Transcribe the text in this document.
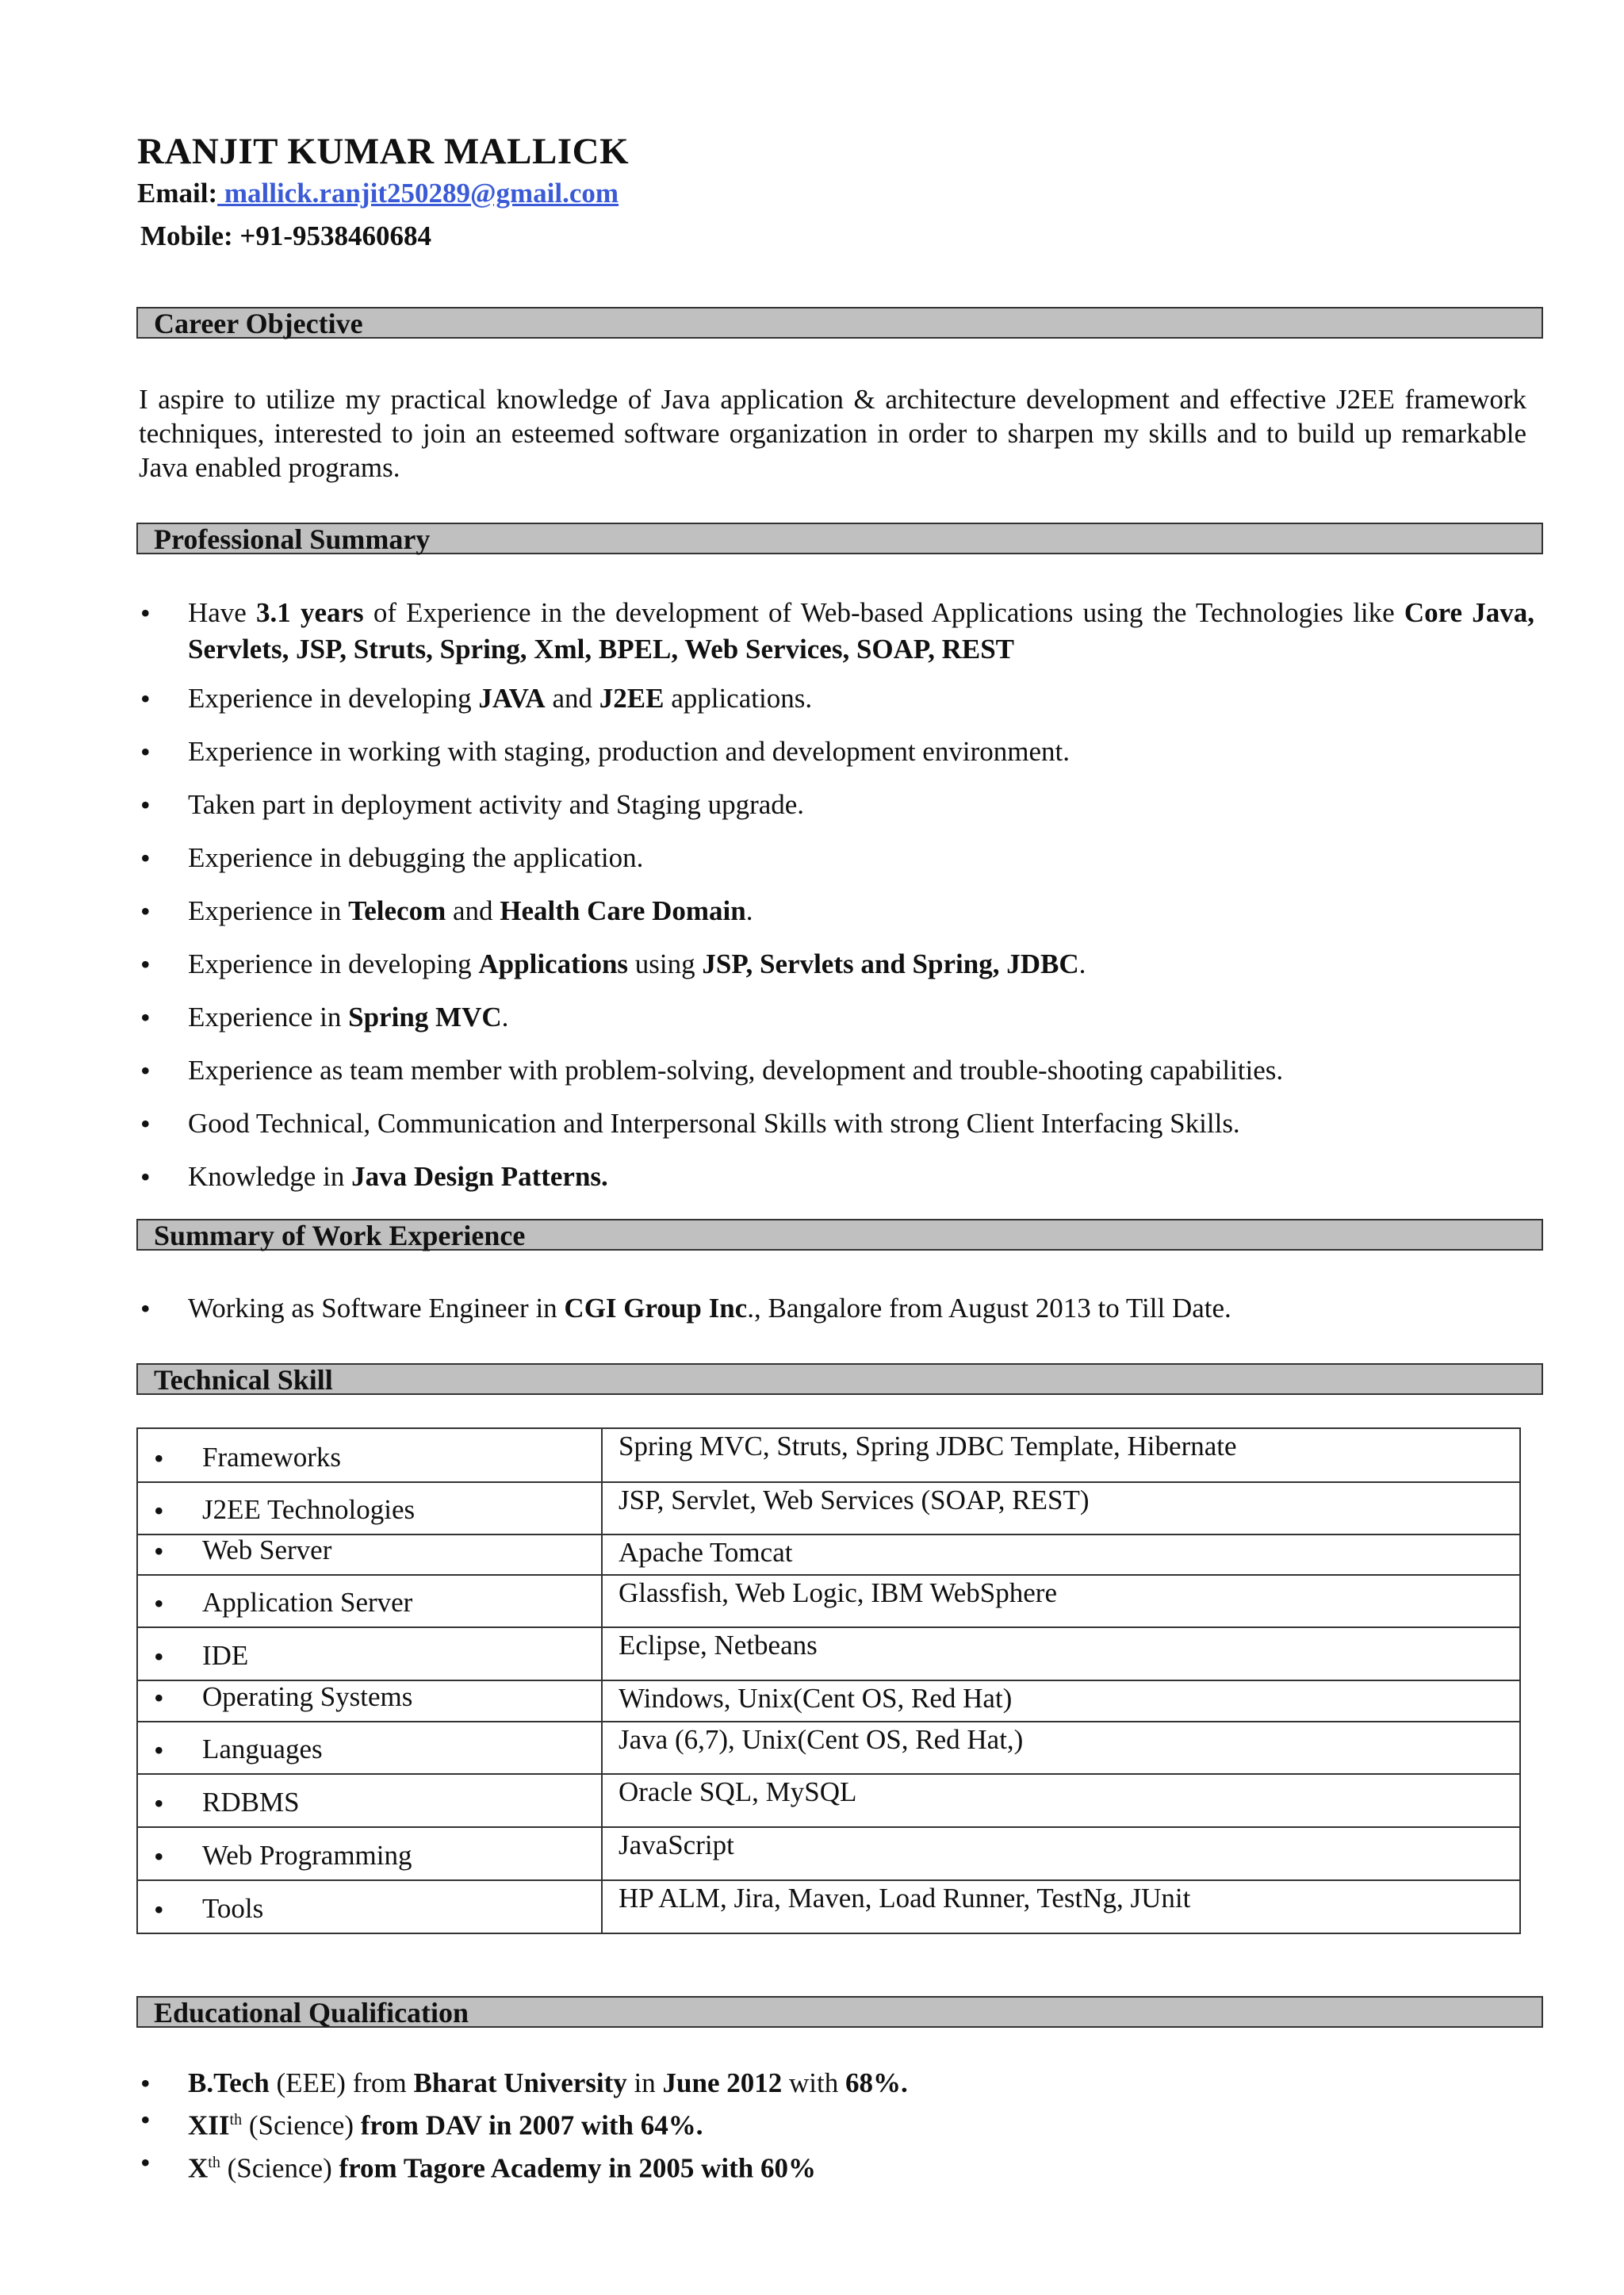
RANJIT KUMAR MALLICK
Email: mallick.ranjit250289@gmail.com
Mobile: +91-9538460684
Career Objective
I aspire to utilize my practical knowledge of Java application & architecture development and effective J2EE framework techniques, interested to join an esteemed software organization in order to sharpen my skills and to build up remarkable Java enabled programs.
Professional Summary
• Have 3.1 years of Experience in the development of Web-based Applications using the Technologies like Core Java, Servlets, JSP, Struts, Spring, Xml, BPEL, Web Services, SOAP, REST
• Experience in developing JAVA and J2EE applications.
• Experience in working with staging, production and development environment.
• Taken part in deployment activity and Staging upgrade.
• Experience in debugging the application.
• Experience in Telecom and Health Care Domain.
• Experience in developing Applications using JSP, Servlets and Spring, JDBC.
• Experience in Spring MVC.
• Experience as team member with problem-solving, development and trouble-shooting capabilities.
• Good Technical, Communication and Interpersonal Skills with strong Client Interfacing Skills.
• Knowledge in Java Design Patterns.
Summary of Work Experience
• Working as Software Engineer in CGI Group Inc., Bangalore from August 2013 to Till Date.
Technical Skill
• Frameworks	Spring MVC, Struts, Spring JDBC Template, Hibernate

• J2EE Technologies	JSP, Servlet, Web Services (SOAP, REST)

• Web Server	Apache Tomcat

• Application Server	Glassfish, Web Logic, IBM WebSphere

• IDE	Eclipse, Netbeans

• Operating Systems	Windows, Unix(Cent OS, Red Hat)

• Languages	Java (6,7), Unix(Cent OS, Red Hat,)

• RDBMS	Oracle SQL, MySQL

• Web Programming	JavaScript

• Tools	HP ALM, Jira, Maven, Load Runner, TestNg, JUnit
Educational Qualification
• B.Tech (EEE) from Bharat University in June 2012 with 68%.
• XIIth (Science) from DAV in 2007 with 64%.
• Xth (Science) from Tagore Academy in 2005 with 60%
